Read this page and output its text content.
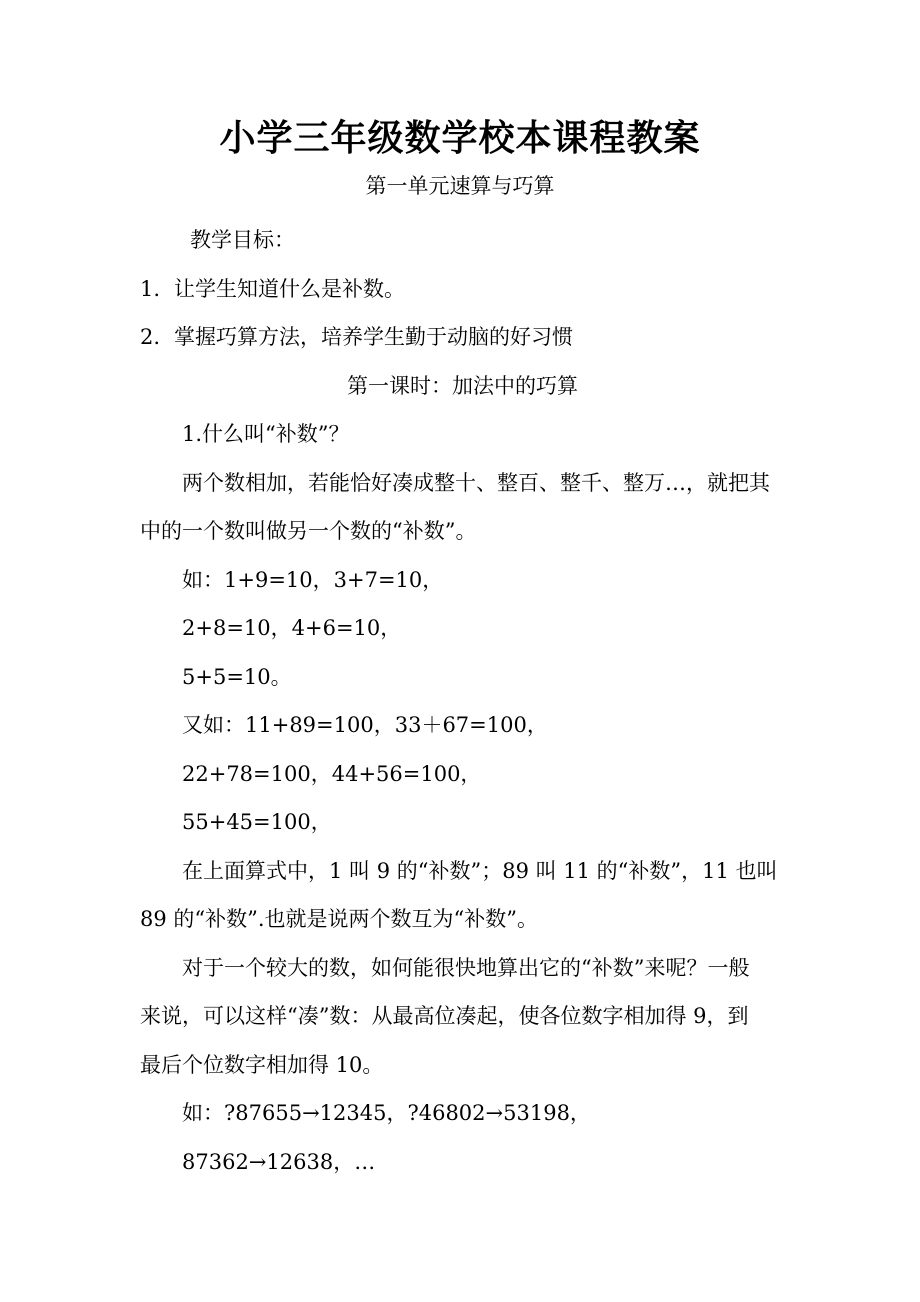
小学三年级数学校本课程教案
第一单元速算与巧算

教学目标：

1. 让学生知道什么是补数。

2. 掌握巧算方法，培养学生勤于动脑的好习惯

第一课时：加法中的巧算

1.什么叫“补数”？

两个数相加，若能恰好凑成整十、整百、整千、整万…，就把其

中的一个数叫做另一个数的“补数”。

如：1+9=10，3+7=10，

2+8=10，4+6=10，

5+5=10。

又如：11+89=100，33＋67=100，

22+78=100，44+56=100，

55+45=100，

在上面算式中，1 叫 9 的“补数”；89 叫 11 的“补数”，11 也叫

89 的“补数”.也就是说两个数互为“补数”。

对于一个较大的数，如何能很快地算出它的“补数”来呢？一般

来说，可以这样“凑”数：从最高位凑起，使各位数字相加得 9，到

最后个位数字相加得 10。

如：?87655→12345，?46802→53198，

87362→12638，…
